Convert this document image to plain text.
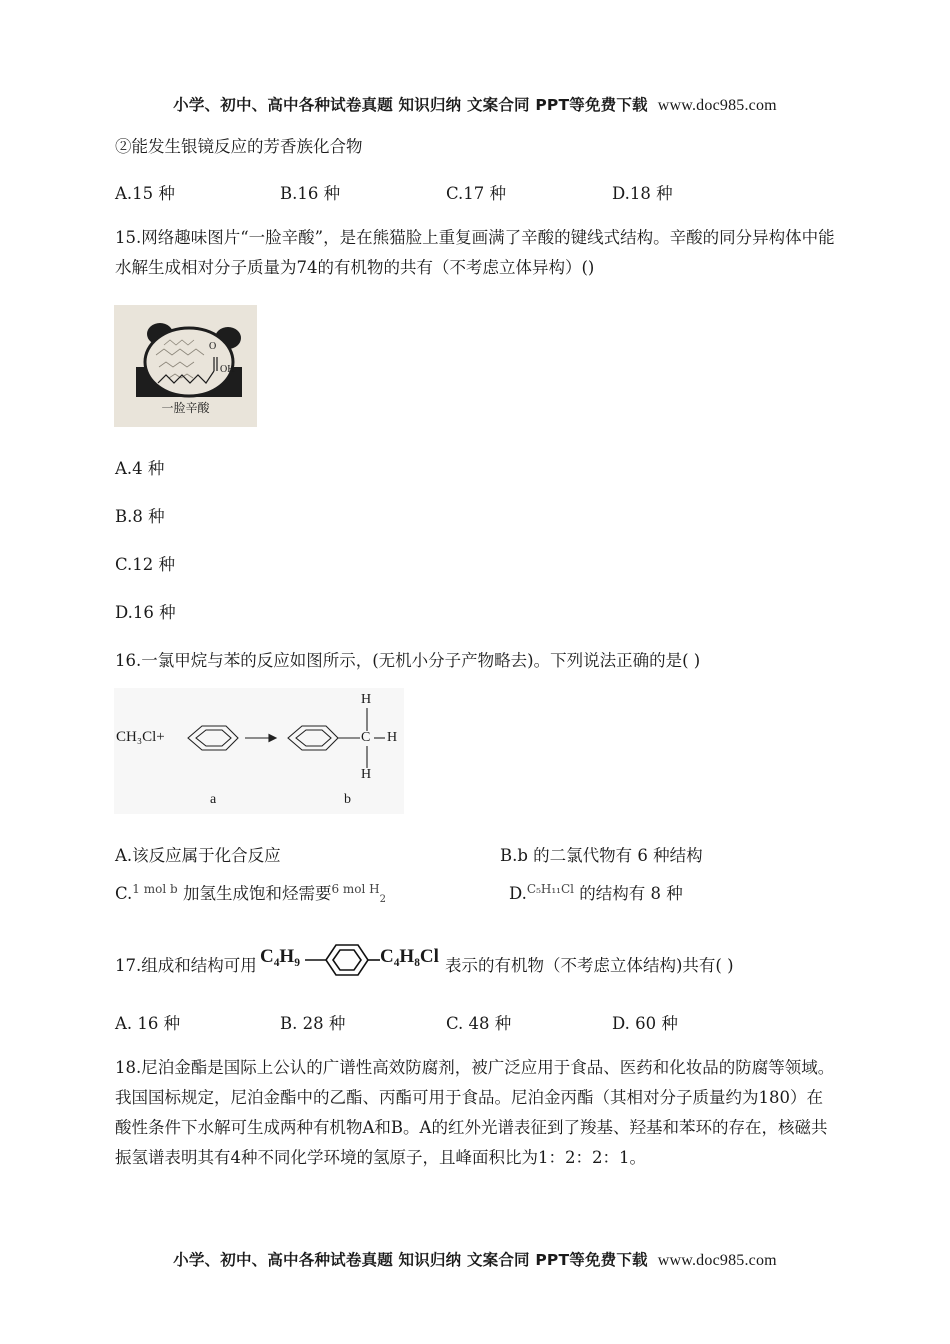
小学、初中、高中各种试卷真题 知识归纳 文案合同 PPT等免费下载 www.doc985.com
②能发生银镜反应的芳香族化合物
A.15 种	B.16 种	C.17 种	D.18 种
15.网络趣味图片“一脸辛酸”，是在熊猫脸上重复画满了辛酸的键线式结构。辛酸的同分异构体中能水解生成相对分子质量为74的有机物的共有（不考虑立体异构）()
O
OH
一脸辛酸
A.4 种
B.8 种
C.12 种
D.16 种
16.一氯甲烷与苯的反应如图所示，(无机小分子产物略去)。下列说法正确的是( )
CH₃Cl+
H
C H
H
a	b
A.该反应属于化合反应	B.b 的二氯代物有 6 种结构
C.$^{1 mol b}$ 加氢生成饱和烃需要$^{6 mol H}_2$	D.$^{C_5H_{11}Cl}$ 的结构有 8 种
17.组成和结构可用 C₄H₉	C₄H₈Cl 表示的有机物（不考虑立体结构)共有( )
A. 16 种	B. 28 种	C. 48 种	D. 60 种
18.尼泊金酯是国际上公认的广谱性高效防腐剂，被广泛应用于食品、医药和化妆品的防腐等领域。我国国标规定，尼泊金酯中的乙酯、丙酯可用于食品。尼泊金丙酯（其相对分子质量约为180）在酸性条件下水解可生成两种有机物A和B。A的红外光谱表征到了羧基、羟基和苯环的存在，核磁共振氢谱表明其有4种不同化学环境的氢原子，且峰面积比为1：2：2：1。
小学、初中、高中各种试卷真题 知识归纳 文案合同 PPT等免费下载 www.doc985.com
